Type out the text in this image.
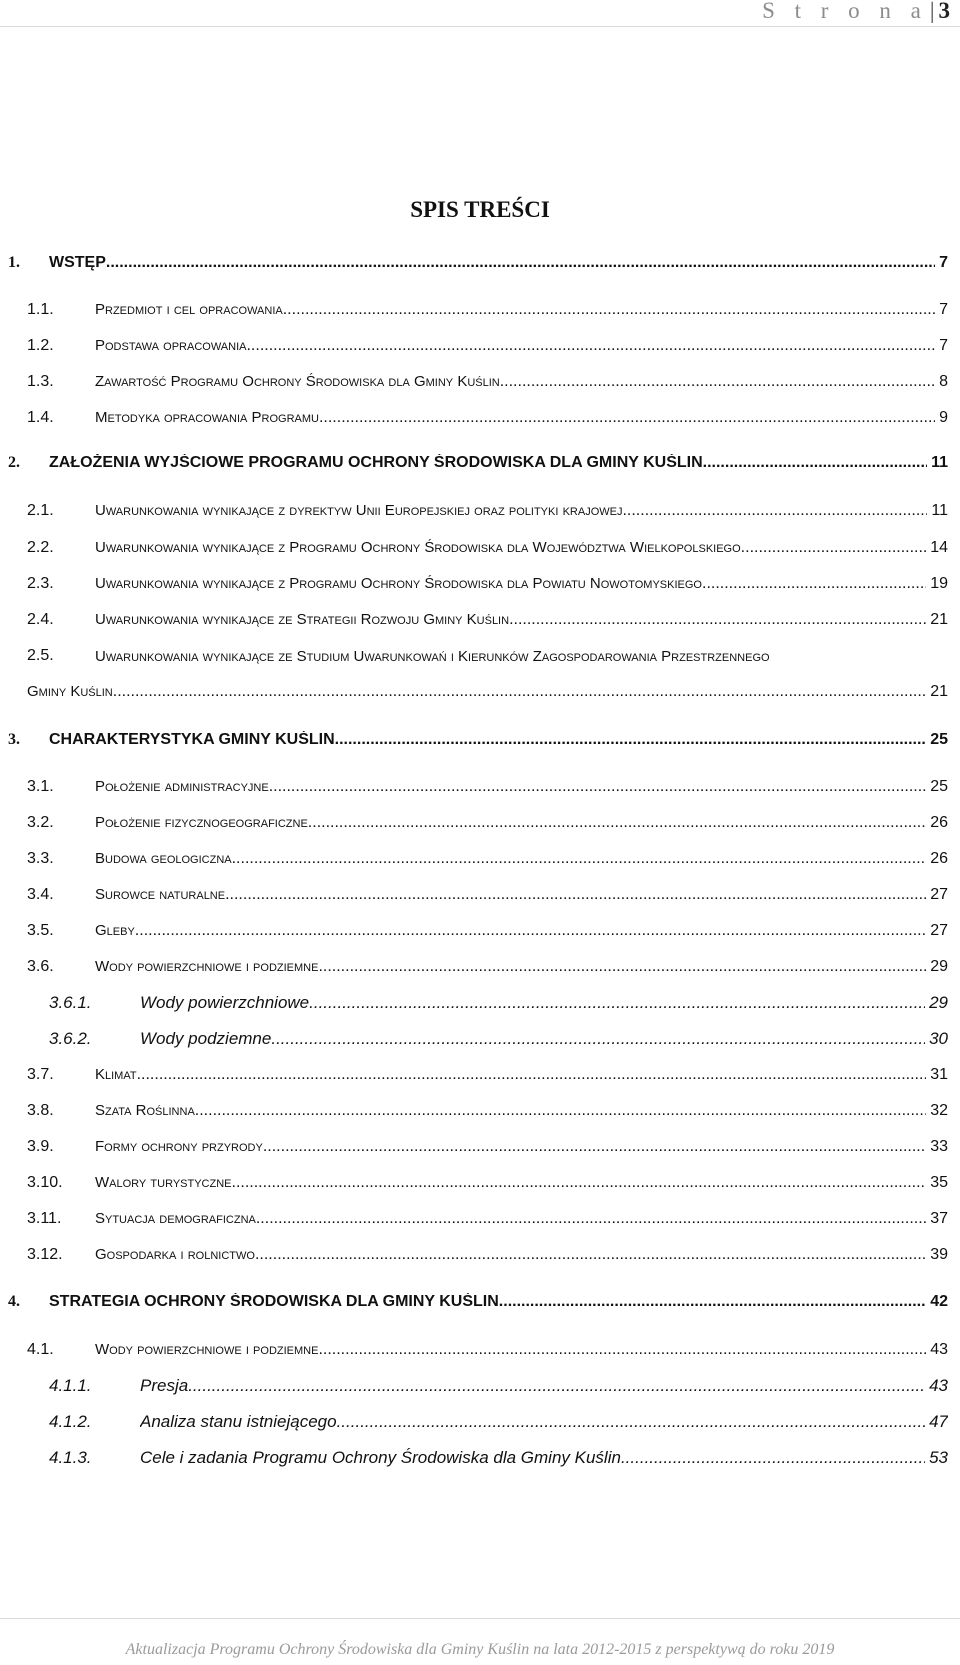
S t r o n a| 3
SPIS TREŚCI
1. WSTĘP .....	7
1.1.	Przedmiot i cel opracowania .....	7
1.2.	Podstawa opracowania .....	7
1.3.	Zawartość Programu Ochrony Środowiska dla Gminy Kuślin .....	8
1.4.	Metodyka opracowania Programu .....	9
2. ZAŁOŻENIA WYJŚCIOWE PROGRAMU OCHRONY ŚRODOWISKA DLA GMINY KUŚLIN .....	11
2.1.	Uwarunkowania wynikające z dyrektyw Unii Europejskiej oraz polityki krajowej .....	11
2.2.	Uwarunkowania wynikające z Programu Ochrony Środowiska dla Województwa Wielkopolskiego .....	14
2.3.	Uwarunkowania wynikające z Programu Ochrony Środowiska dla Powiatu Nowotomyskiego .....	19
2.4.	Uwarunkowania wynikające ze Strategii Rozwoju Gminy Kuślin .....	21
2.5.	Uwarunkowania wynikające ze Studium Uwarunkowań i Kierunków Zagospodarowania Przestrzennego
Gminy Kuślin .....	21
3. CHARAKTERYSTYKA GMINY KUŚLIN .....	25
3.1.	Położenie administracyjne .....	25
3.2.	Położenie fizycznogeograficzne .....	26
3.3.	Budowa geologiczna .....	26
3.4.	Surowce naturalne .....	27
3.5.	Gleby .....	27
3.6.	Wody powierzchniowe i podziemne .....	29
3.6.1.	Wody powierzchniowe .....	29
3.6.2.	Wody podziemne .....	30
3.7.	Klimat .....	31
3.8.	Szata Roślinna .....	32
3.9.	Formy ochrony przyrody .....	33
3.10. Walory turystyczne .....	35
3.11. Sytuacja demograficzna .....	37
3.12. Gospodarka i rolnictwo .....	39
4. STRATEGIA OCHRONY ŚRODOWISKA DLA GMINY KUŚLIN .....	42
4.1.	Wody powierzchniowe i podziemne .....	43
4.1.1.	Presja .....	43
4.1.2.	Analiza stanu istniejącego .....	47
4.1.3.	Cele i zadania Programu Ochrony Środowiska dla Gminy Kuślin .....	53
Aktualizacja Programu Ochrony Środowiska dla Gminy Kuślin na lata 2012-2015 z perspektywą do roku 2019
